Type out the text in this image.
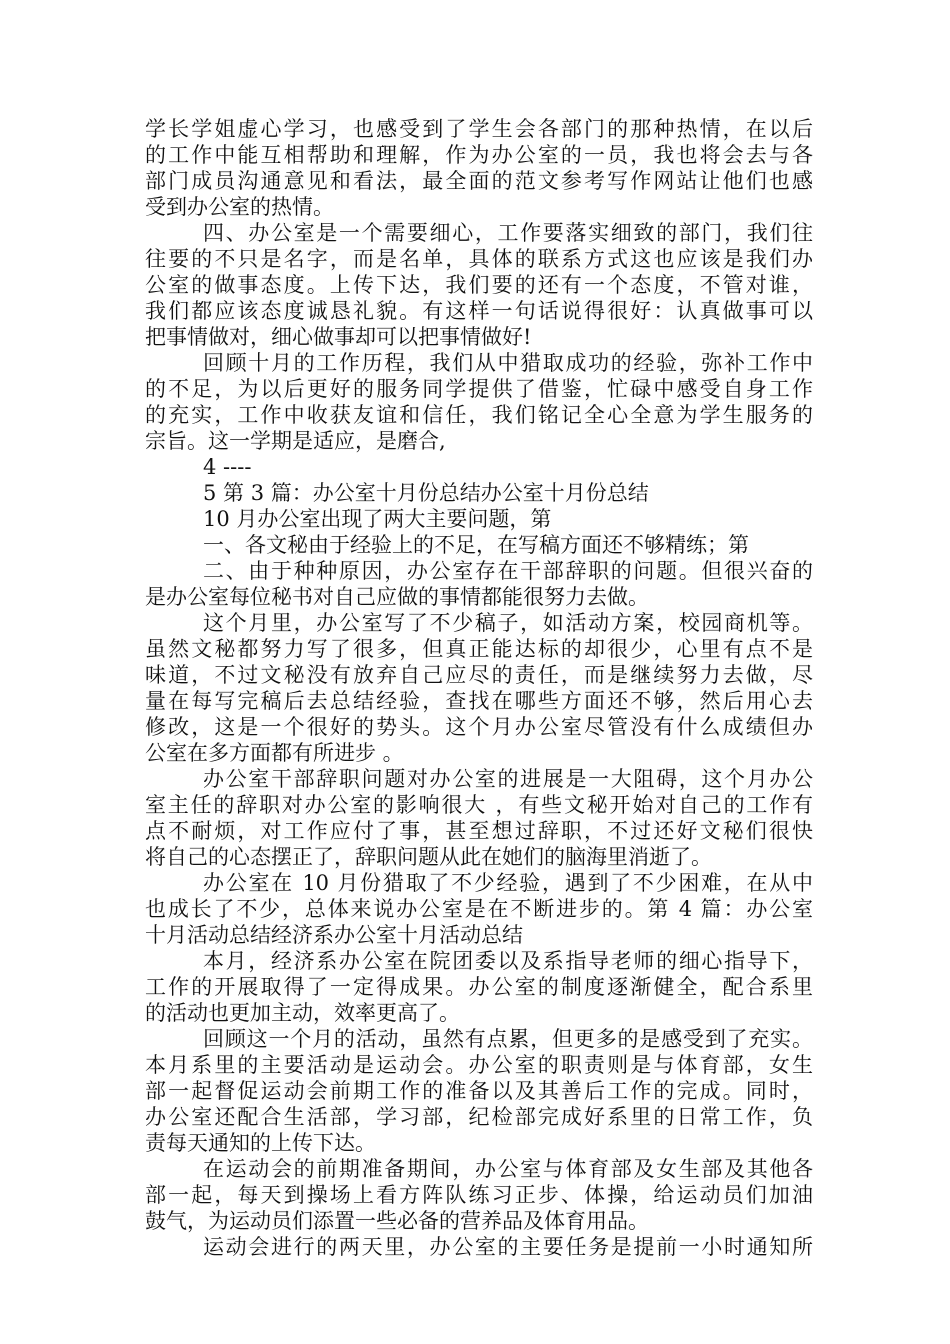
学长学姐虚心学习，也感受到了学生会各部门的那种热情，在以后
的工作中能互相帮助和理解，作为办公室的一员，我也将会去与各
部门成员沟通意见和看法，最全面的范文参考写作网站让他们也感
受到办公室的热情。
四、办公室是一个需要细心，工作要落实细致的部门，我们往
往要的不只是名字，而是名单，具体的联系方式这也应该是我们办
公室的做事态度。上传下达，我们要的还有一个态度，不管对谁，
我们都应该态度诚恳礼貌。有这样一句话说得很好：认真做事可以
把事情做对，细心做事却可以把事情做好!
回顾十月的工作历程，我们从中猎取成功的经验，弥补工作中
的不足，为以后更好的服务同学提供了借鉴，忙碌中感受自身工作
的充实，工作中收获友谊和信任，我们铭记全心全意为学生服务的
宗旨。这一学期是适应，是磨合,
4 ----
5 第 3 篇：办公室十月份总结办公室十月份总结
10 月办公室出现了两大主要问题，第
一、各文秘由于经验上的不足，在写稿方面还不够精练；第
二、由于种种原因，办公室存在干部辞职的问题。但很兴奋的
是办公室每位秘书对自己应做的事情都能很努力去做。
这个月里，办公室写了不少稿子，如活动方案，校园商机等。
虽然文秘都努力写了很多，但真正能达标的却很少，心里有点不是
味道，不过文秘没有放弃自己应尽的责任，而是继续努力去做，尽
量在每写完稿后去总结经验，查找在哪些方面还不够，然后用心去
修改，这是一个很好的势头。这个月办公室尽管没有什么成绩但办
公室在多方面都有所进步 。
办公室干部辞职问题对办公室的进展是一大阻碍，这个月办公
室主任的辞职对办公室的影响很大 ，有些文秘开始对自己的工作有
点不耐烦，对工作应付了事，甚至想过辞职，不过还好文秘们很快
将自己的心态摆正了，辞职问题从此在她们的脑海里消逝了。
办公室在 10 月份猎取了不少经验，遇到了不少困难，在从中
也成长了不少，总体来说办公室是在不断进步的。第 4 篇：办公室
十月活动总结经济系办公室十月活动总结
本月，经济系办公室在院团委以及系指导老师的细心指导下，
工作的开展取得了一定得成果。办公室的制度逐渐健全，配合系里
的活动也更加主动，效率更高了。
回顾这一个月的活动，虽然有点累，但更多的是感受到了充实。
本月系里的主要活动是运动会。办公室的职责则是与体育部，女生
部一起督促运动会前期工作的准备以及其善后工作的完成。同时，
办公室还配合生活部，学习部，纪检部完成好系里的日常工作，负
责每天通知的上传下达。
在运动会的前期准备期间，办公室与体育部及女生部及其他各
部一起，每天到操场上看方阵队练习正步、体操，给运动员们加油
鼓气，为运动员们添置一些必备的营养品及体育用品。
运动会进行的两天里，办公室的主要任务是提前一小时通知所
